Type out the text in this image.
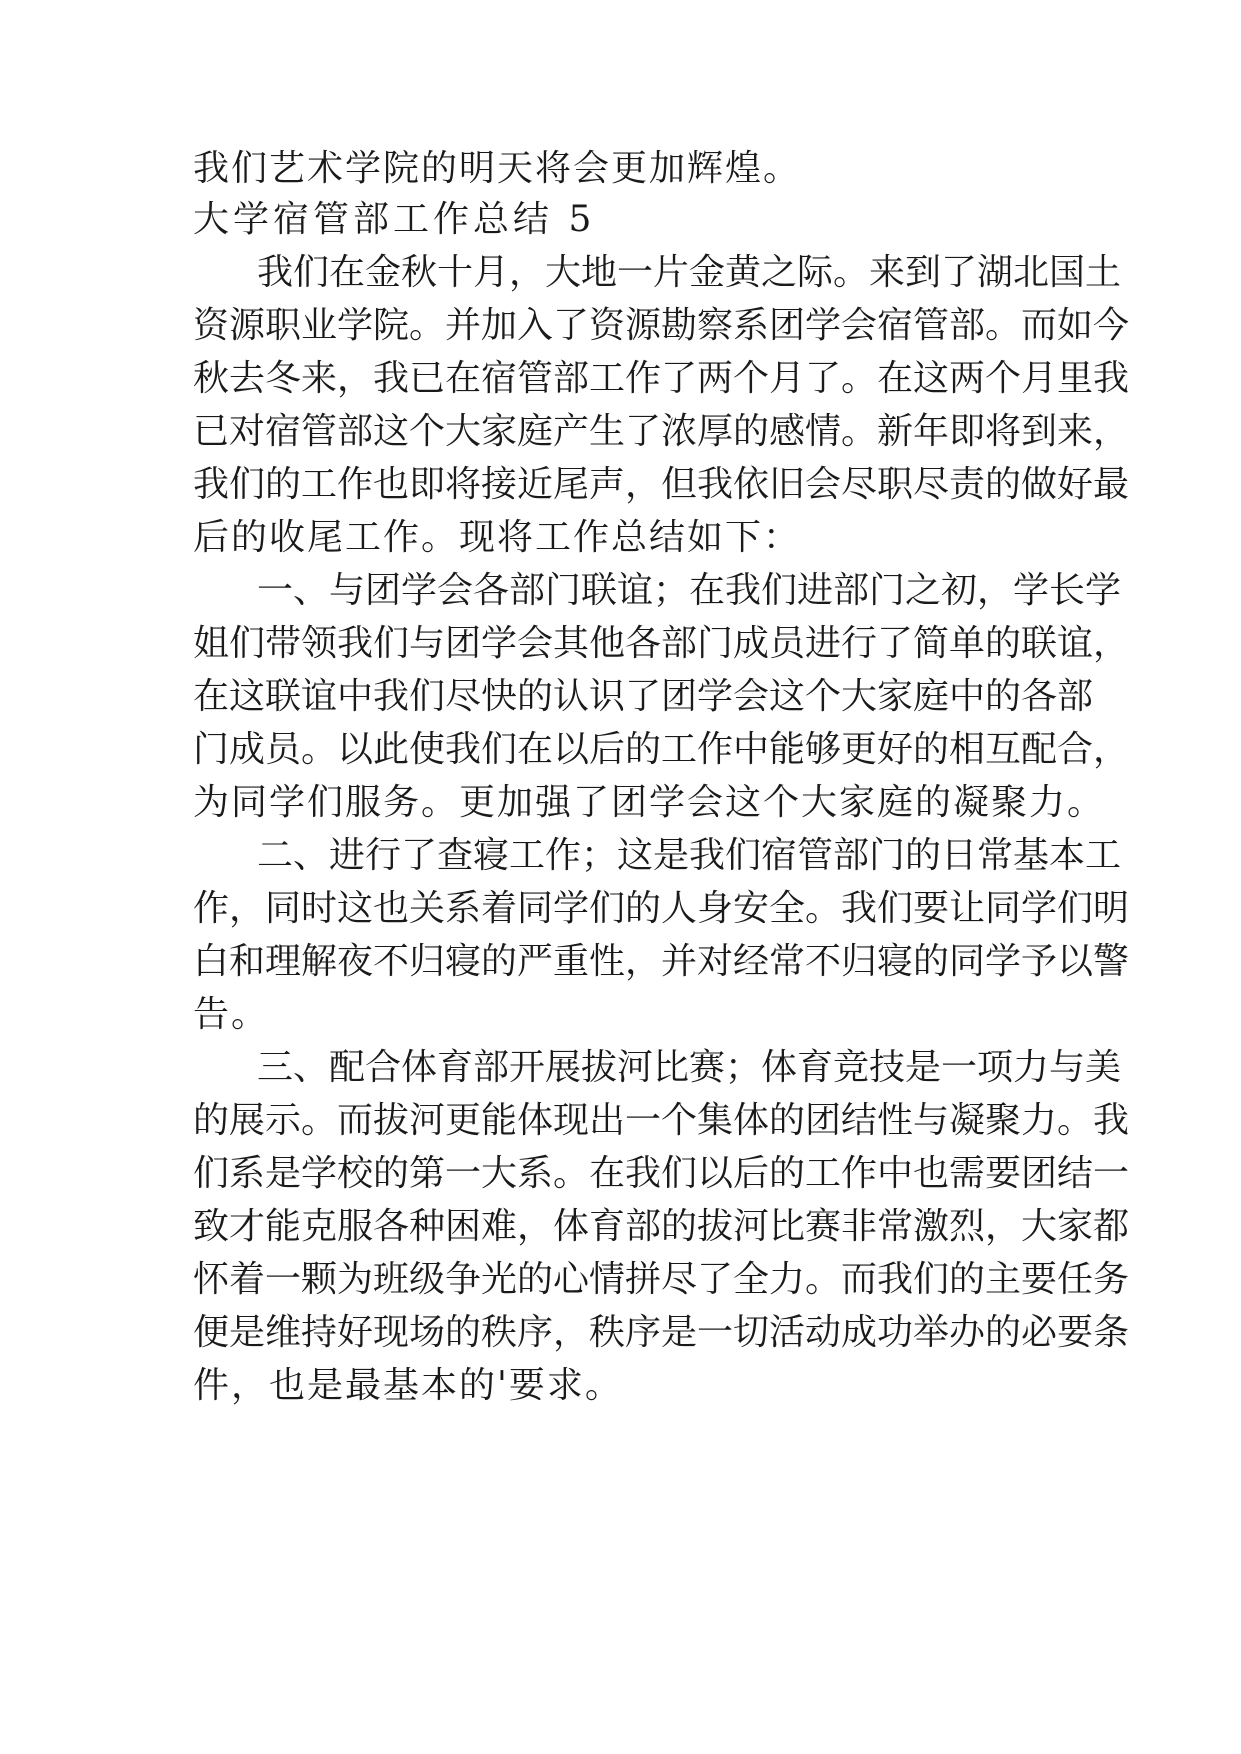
我们艺术学院的明天将会更加辉煌。
大学宿管部工作总结 5
我们在金秋十月，大地一片金黄之际。来到了湖北国土
资源职业学院。并加入了资源勘察系团学会宿管部。而如今
秋去冬来，我已在宿管部工作了两个月了。在这两个月里我
已对宿管部这个大家庭产生了浓厚的感情。新年即将到来，
我们的工作也即将接近尾声，但我依旧会尽职尽责的做好最
后的收尾工作。现将工作总结如下：
一、与团学会各部门联谊；在我们进部门之初，学长学
姐们带领我们与团学会其他各部门成员进行了简单的联谊，
在这联谊中我们尽快的认识了团学会这个大家庭中的各部
门成员。以此使我们在以后的工作中能够更好的相互配合，
为同学们服务。更加强了团学会这个大家庭的凝聚力。
二、进行了查寝工作；这是我们宿管部门的日常基本工
作，同时这也关系着同学们的人身安全。我们要让同学们明
白和理解夜不归寝的严重性，并对经常不归寝的同学予以警
告。
三、配合体育部开展拔河比赛；体育竞技是一项力与美
的展示。而拔河更能体现出一个集体的团结性与凝聚力。我
们系是学校的第一大系。在我们以后的工作中也需要团结一
致才能克服各种困难，体育部的拔河比赛非常激烈，大家都
怀着一颗为班级争光的心情拼尽了全力。而我们的主要任务
便是维持好现场的秩序，秩序是一切活动成功举办的必要条
件，也是最基本的'要求。
